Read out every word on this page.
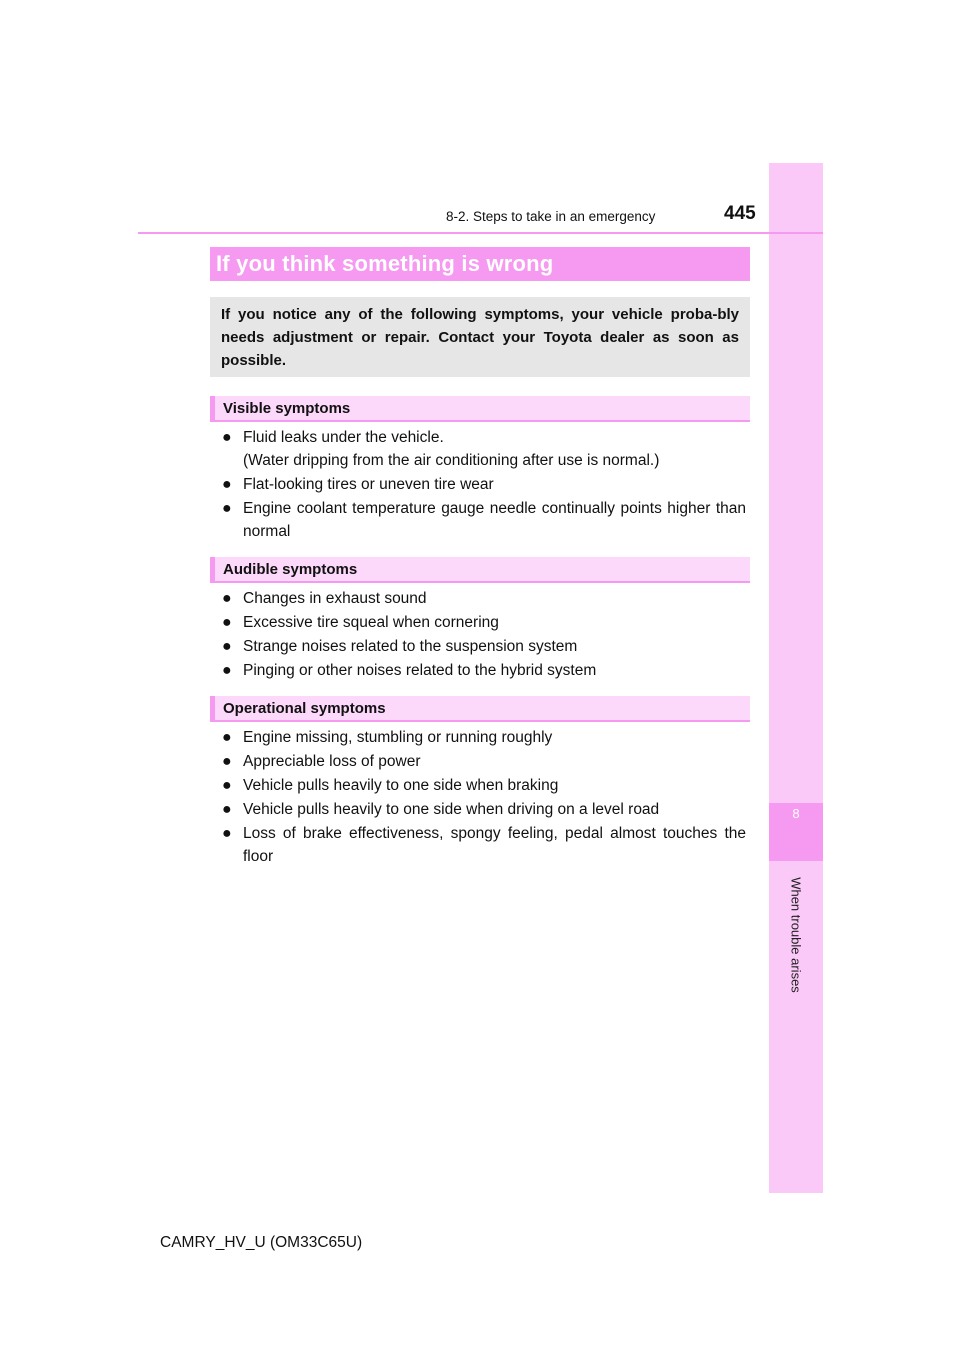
8
When trouble arises
8-2. Steps to take in an emergency	445
If you think something is wrong
If you notice any of the following symptoms, your vehicle proba-bly needs adjustment or repair. Contact your Toyota dealer as soon as possible.
Visible symptoms
● Fluid leaks under the vehicle.
(Water dripping from the air conditioning after use is normal.)
● Flat-looking tires or uneven tire wear
● Engine coolant temperature gauge needle continually points higher than normal
Audible symptoms
● Changes in exhaust sound
● Excessive tire squeal when cornering
● Strange noises related to the suspension system
● Pinging or other noises related to the hybrid system
Operational symptoms
● Engine missing, stumbling or running roughly
● Appreciable loss of power
● Vehicle pulls heavily to one side when braking
● Vehicle pulls heavily to one side when driving on a level road
● Loss of brake effectiveness, spongy feeling, pedal almost touches the floor
CAMRY_HV_U (OM33C65U)
